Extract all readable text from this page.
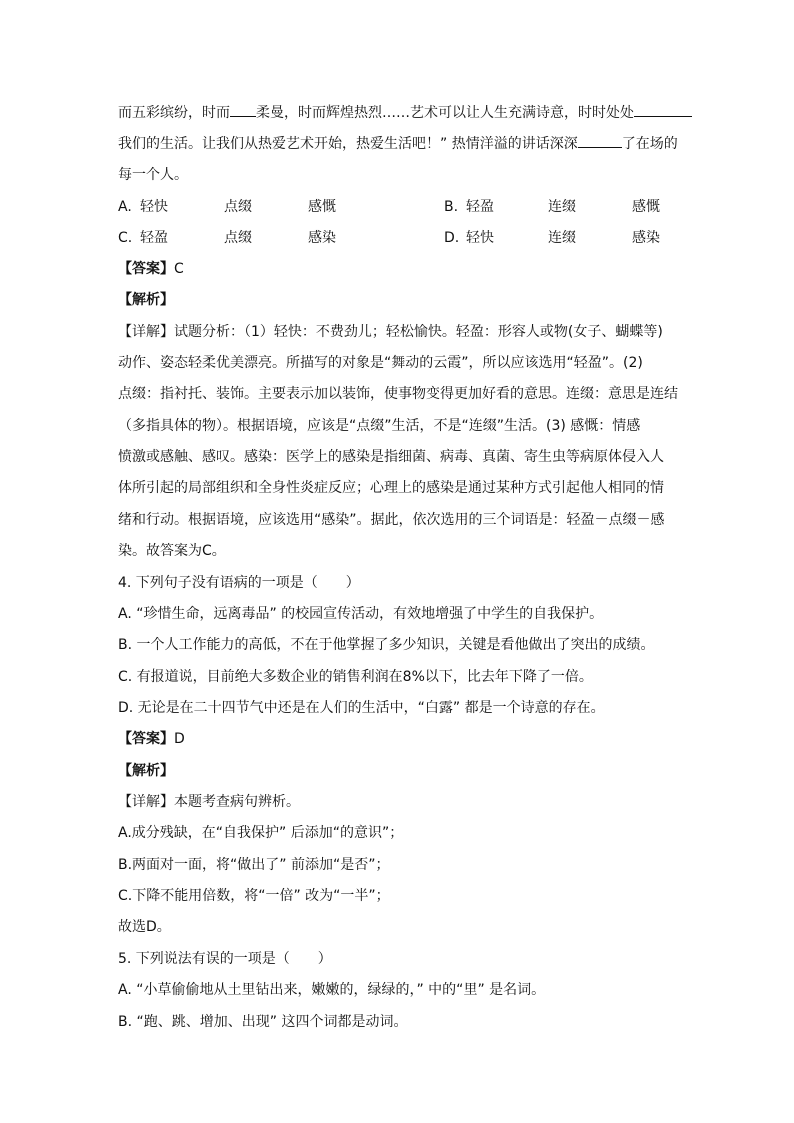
而五彩缤纷，时而 柔曼，时而辉煌热烈……艺术可以让人生充满诗意，时时处处
我们的生活。让我们从热爱艺术开始，热爱生活吧！” 热情洋溢的讲话深深	了在场的
每一个人。
A. 轻快	点缀	感慨	B. 轻盈	连缀	感慨
C. 轻盈	点缀	感染	D. 轻快	连缀	感染
【答案】C
【解析】
【详解】试题分析：（1）轻快：不费劲儿；轻松愉快。轻盈：形容人或物(女子、蝴蝶等)
动作、姿态轻柔优美漂亮。所描写的对象是“舞动的云霞”，所以应该选用“轻盈”。(2)
点缀：指衬托、装饰。主要表示加以装饰，使事物变得更加好看的意思。连缀：意思是连结
（多指具体的物）。根据语境，应该是“点缀”生活，不是“连缀”生活。(3) 感慨：情感
愤激或感触、感叹。感染：医学上的感染是指细菌、病毒、真菌、寄生虫等病原体侵入人
体所引起的局部组织和全身性炎症反应；心理上的感染是通过某种方式引起他人相同的情
绪和行动。根据语境，应该选用“感染”。据此，依次选用的三个词语是：轻盈－点缀－感
染。故答案为C。
4. 下列句子没有语病的一项是（　　）
A. “珍惜生命，远离毒品” 的校园宣传活动，有效地增强了中学生的自我保护。
B. 一个人工作能力的高低，不在于他掌握了多少知识，关键是看他做出了突出的成绩。
C. 有报道说，目前绝大多数企业的销售利润在8%以下，比去年下降了一倍。
D. 无论是在二十四节气中还是在人们的生活中，“白露” 都是一个诗意的存在。
【答案】D
【解析】
【详解】本题考查病句辨析。
A.成分残缺，在“自我保护” 后添加“的意识”；
B.两面对一面，将“做出了” 前添加“是否”；
C.下降不能用倍数，将“一倍” 改为“一半”；
故选D。
5. 下列说法有误的一项是（　　）
A. “小草偷偷地从土里钻出来，嫩嫩的，绿绿的，” 中的“里” 是名词。
B. “跑、跳、增加、出现” 这四个词都是动词。
